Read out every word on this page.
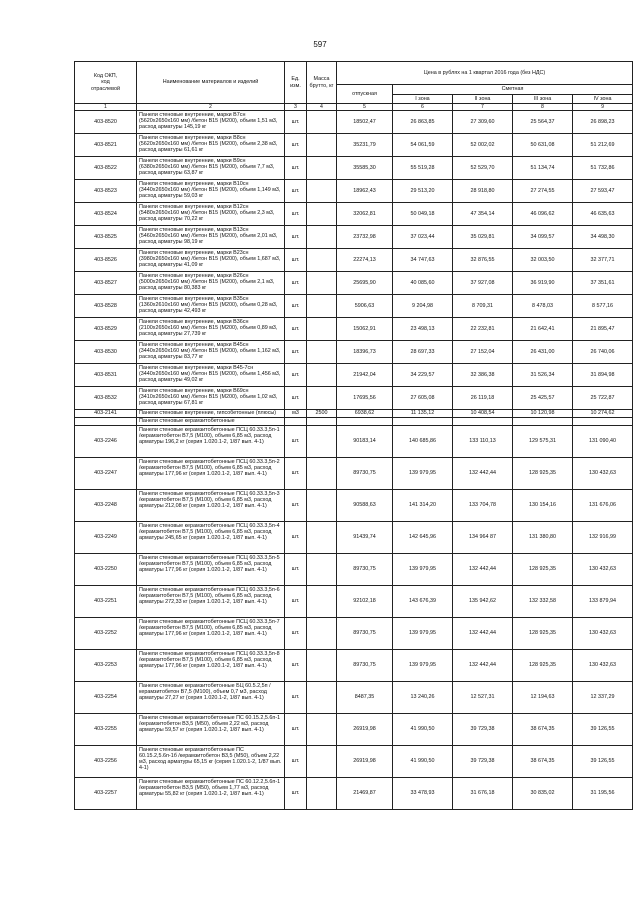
597
Код ОКП,
код
отраслевой	Наименование материалов и изделий	Ед. изм.	Масса брутто, кг	Цена в рублях на 1 квартал 2016 года (без НДС)				
				отпускная	Сметная			
					I зона	II зона	III зона	IV зона
1	2	3	4	5	6	7	8	9
403-8520	Панели стеновые внутренние, марки В7сн (5620х2650х160 мм) /бетон В15 (М200), объем 1,51 м3, расход арматуры 145,19 кг	шт.		18502,47	26 863,85	27 309,60	25 564,37	26 898,23
403-8521	Панели стеновые внутренние, марки В8сн (5620х2650х160 мм) /бетон В15 (М200), объем 2,38 м3, расход арматуры 61,61 кг	шт.		35231,79	54 061,59	52 002,02	50 631,08	51 212,69
403-8522	Панели стеновые внутренние, марки В9сн (6380х2650х160 мм) /бетон В15 (М200), объем 7,7 м3, расход арматуры 63,87 кг	шт.		35585,30	55 519,28	52 529,70	51 134,74	51 732,86
403-8523	Панели стеновые внутренние, марки В10сн (3440х2650х160 мм) /бетон В15 (М200), объем 1,149 м3, расход арматуры 59,03 кг	шт.		18962,43	29 513,20	28 918,80	27 274,55	27 593,47
403-8524	Панели стеновые внутренние, марки В12сн (5480х2650х160 мм) /бетон В15 (М200), объем 2,3 м3, расход арматуры 70,22 кг	шт.		32062,81	50 049,18	47 354,14	46 096,62	46 635,63
403-8525	Панели стеновые внутренние, марки В13сн (5460х2650х160 мм) /бетон В15 (М200), объем 2,01 м3, расход арматуры 98,19 кг	шт.		23732,98	37 023,44	35 029,81	34 099,57	34 498,30
403-8526	Панели стеновые внутренние, марки В23сн (3980х2650х160 мм) /бетон В15 (М200), объем 1,687 м3, расход арматуры 41,09 кг	шт.		22274,13	34 747,63	32 876,55	32 003,50	32 377,71
403-8527	Панели стеновые внутренние, марки В26сн (5000х2650х160 мм) /бетон В15 (М200), объем 2,1 м3, расход арматуры 80,383 кг	шт.		25695,90	40 085,60	37 927,08	36 919,90	37 351,61
403-8528	Панели стеновые внутренние, марки В35сн (1360х2610х160 мм) /бетон В15 (М200), объем 0,28 м3, расход арматуры 42,493 кг	шт.		5906,63	9 204,98	8 709,31	8 478,03	8 577,16
403-8529	Панели стеновые внутренние, марки В36сн (2100х2650х160 мм) /бетон В15 (М200), объем 0,89 м3, расход арматуры 27,739 кг	шт.		15062,91	23 498,13	22 232,81	21 642,41	21 895,47
403-8530	Панели стеновые внутренние, марки В45сн (3440х2650х160 мм) /бетон В15 (М200), объем 1,162 м3, расход арматуры 83,77 кг	шт.		18396,73	28 697,33	27 152,04	26 431,00	26 740,06
403-8531	Панели стеновые внутренние, марки В45-7сн (3440х2650х160 мм) /бетон В15 (М200), объем 1,456 м3, расход арматуры 49,02 кг	шт.		21942,04	34 229,57	32 386,38	31 526,34	31 894,98
403-8532	Панели стеновые внутренние, марки В69сн (3410х2650х160 мм) /бетон В15 (М200), объем 1,02 м3, расход арматуры 67,81 кг	шт.		17695,56	27 605,08	26 119,18	25 425,57	25 722,87
403-2141	Панели стеновые внутренние, гипсобетонные (плюсы)	м3	2500	6938,62	11 135,12	10 408,54	10 120,98	10 274,62
	Панели стеновые керамзитобетонные							
403-2246	Панели стеновые керамзитобетонные ПСЦ 60.33.3,5п-1 /керамзитобетон В7,5 (М100), объем 6,85 м3, расход арматуры 196,2 кг (серия 1.020.1-2, 1/87 вып. 4-1)	шт.		90183,14	140 685,86	133 110,13	129 575,31	131 090,40
403-2247	Панели стеновые керамзитобетонные ПСЦ 60.33.3,5п-2 /керамзитобетон В7,5 (М100), объем 6,85 м3, расход арматуры 177,96 кг (серия 1.020.1-2, 1/87 вып. 4-1)	шт.		89730,75	139 979,95	132 442,44	128 925,35	130 432,63
403-2248	Панели стеновые керамзитобетонные ПСЦ 60.33.3,5п-3 /керамзитобетон В7,5 (М100), объем 6,85 м3, расход арматуры 212,08 кг (серия 1.020.1-2, 1/87 вып. 4-1)	шт.		90588,63	141 314,20	133 704,78	130 154,16	131 676,06
403-2249	Панели стеновые керамзитобетонные ПСЦ 60.33.3,5п-4 /керамзитобетон В7,5 (М100), объем 6,85 м3, расход арматуры 245,65 кг (серия 1.020.1-2, 1/87 вып. 4-1)	шт.		91439,74	142 645,96	134 964 87	131 380,80	132 916,99
403-2250	Панели стеновые керамзитобетонные ПСЦ 60.33.3,5п-5 /керамзитобетон В7,5 (М100), объем 6,85 м3, расход арматуры 177,96 кг (серия 1.020.1-2, 1/87 вып. 4-1)	шт.		89730,75	139 979,95	132 442,44	128 925,35	130 432,63
403-2251	Панели стеновые керамзитобетонные ПСЦ 60.33.3,5п-6 /керамзитобетон В7,5 (М100), объем 6,85 м3, расход арматуры 272,33 кг (серия 1.020.1-2, 1/87 вып. 4-1)	шт.		92102,18	143 676,39	135 942,62	132 332,58	133 879,94
403-2252	Панели стеновые керамзитобетонные ПСЦ 60.33.3,5п-7 /керамзитобетон В7,5 (М100), объем 6,85 м3, расход арматуры 177,96 кг (серия 1.020.1-2, 1/87 вып. 4-1)	шт.		89730,75	139 979,95	132 442,44	128 925,35	130 432,63
403-2253	Панели стеновые керамзитобетонные ПСЦ 60.33.3,5п-8 /керамзитобетон В7,5 (М100), объем 6,85 м3, расход арматуры 177,96 кг (серия 1.020.1-2, 1/87 вып. 4-1)	шт.		89730,75	139 979,95	132 442,44	128 925,35	130 432,63
403-2254	Панели стеновые керамзитобетонные БЦ 60.5.2,5п /керамзитобетон В7,5 (М100), объем 0,7 м3, расход арматуры 27,27 кг (серия 1.020.1-2, 1/87 вып. 4-1)	шт.		8487,35	13 240,26	12 527,31	12 194,63	12 337,29
403-2255	Панели стеновые керамзитобетонные ПС 60.15.2,5.6п-1 /керамзитобетон В3,5 (М50), объем 2,22 м3, расход арматуры 59,57 кг (серия 1.020.1-2, 1/87 вып. 4-1)	шт.		26919,98	41 990,50	39 729,38	38 674,35	39 126,55
403-2256	Панели стеновые керамзитобетонные ПС 60.15.2,5.6п-1б /керамзитобетон В3,5 (М50), объем 2,22 м3, расход арматуры 65,15 кг (серия 1.020.1-2, 1/87 вып. 4-1)	шт.		26919,98	41 990,50	39 729,38	38 674,35	39 126,55
403-2257	Панели стеновые керамзитобетонные ПС 60.12.2,5.6п-1 /керамзитобетон В3,5 (М50), объем 1,77 м3, расход арматуры 55,82 кг (серия 1.020.1-2, 1/87 вып. 4-1)	шт.		21469,87	33 478,93	31 676,18	30 835,02	31 195,56
